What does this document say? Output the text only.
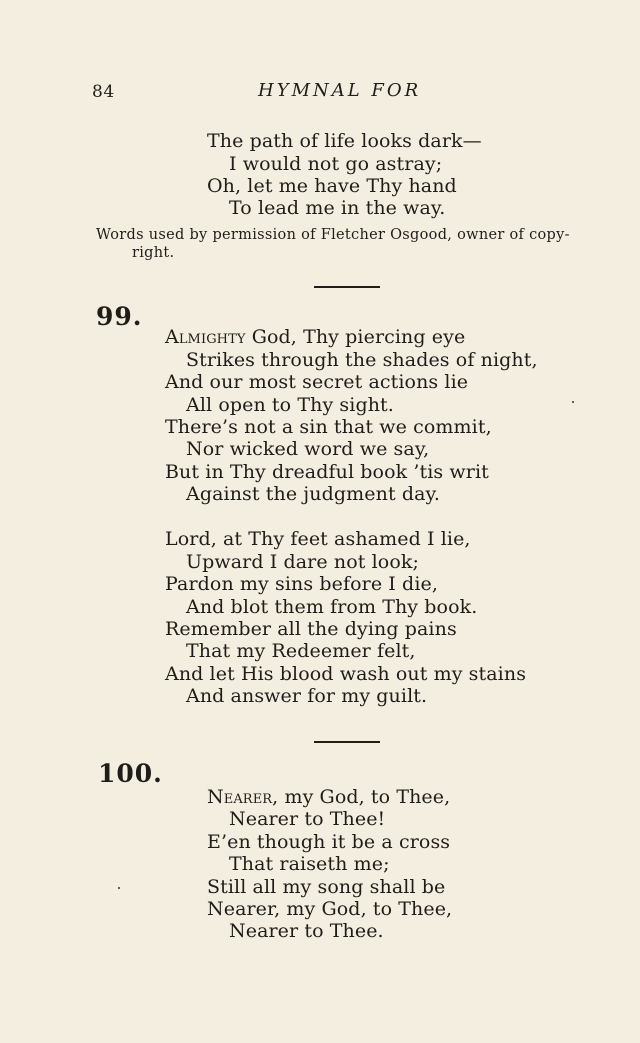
84	HYMNAL FOR
The path of life looks dark—
I would not go astray;
Oh, let me have Thy hand
To lead me in the way.
Words used by permission of Fletcher Osgood, owner of copy-
right.
99.
Almighty God, Thy piercing eye
Strikes through the shades of night,
And our most secret actions lie
All open to Thy sight.
There’s not a sin that we commit,
Nor wicked word we say,
But in Thy dreadful book ’tis writ
Against the judgment day.
Lord, at Thy feet ashamed I lie,
Upward I dare not look;
Pardon my sins before I die,
And blot them from Thy book.
Remember all the dying pains
That my Redeemer felt,
And let His blood wash out my stains
And answer for my guilt.
100.
Nearer, my God, to Thee,
Nearer to Thee!
E’en though it be a cross
That raiseth me;
Still all my song shall be
Nearer, my God, to Thee,
Nearer to Thee.
